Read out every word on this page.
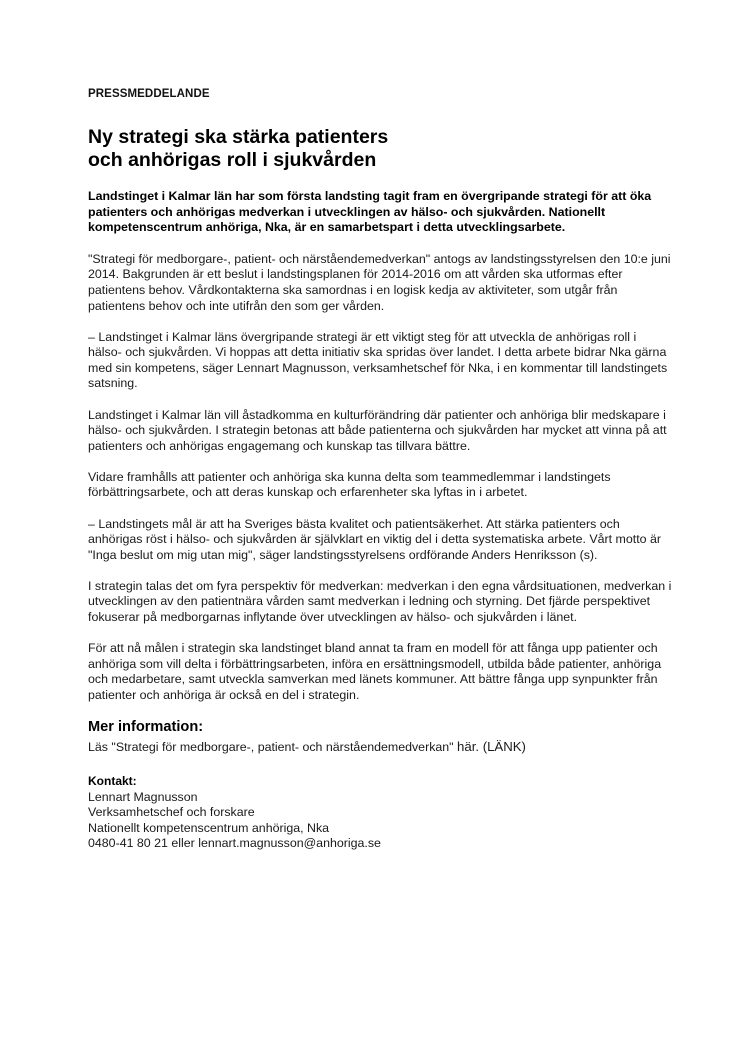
PRESSMEDDELANDE
Ny strategi ska stärka patienters
och anhörigas roll i sjukvården

Landstinget i Kalmar län har som första landsting tagit fram en övergripande strategi för att öka patienters och anhörigas medverkan i utvecklingen av hälso- och sjukvården. Nationellt kompetenscentrum anhöriga, Nka, är en samarbetspart i detta utvecklingsarbete.

"Strategi för medborgare-, patient- och närståendemedverkan" antogs av landstingsstyrelsen den 10:e juni 2014. Bakgrunden är ett beslut i landstingsplanen för 2014-2016 om att vården ska utformas efter patientens behov. Vårdkontakterna ska samordnas i en logisk kedja av aktiviteter, som utgår från patientens behov och inte utifrån den som ger vården.

– Landstinget i Kalmar läns övergripande strategi är ett viktigt steg för att utveckla de anhörigas roll i hälso- och sjukvården. Vi hoppas att detta initiativ ska spridas över landet. I detta arbete bidrar Nka gärna med sin kompetens, säger Lennart Magnusson, verksamhetschef för Nka, i en kommentar till landstingets satsning.

Landstinget i Kalmar län vill åstadkomma en kulturförändring där patienter och anhöriga blir medskapare i hälso- och sjukvården. I strategin betonas att både patienterna och sjukvården har mycket att vinna på att patienters och anhörigas engagemang och kunskap tas tillvara bättre.

Vidare framhålls att patienter och anhöriga ska kunna delta som teammedlemmar i landstingets förbättringsarbete, och att deras kunskap och erfarenheter ska lyftas in i arbetet.

– Landstingets mål är att ha Sveriges bästa kvalitet och patientsäkerhet. Att stärka patienters och anhörigas röst i hälso- och sjukvården är självklart en viktig del i detta systematiska arbete. Vårt motto är "Inga beslut om mig utan mig", säger landstingsstyrelsens ordförande Anders Henriksson (s).

I strategin talas det om fyra perspektiv för medverkan: medverkan i den egna vårdsituationen, medverkan i utvecklingen av den patientnära vården samt medverkan i ledning och styrning. Det fjärde perspektivet fokuserar på medborgarnas inflytande över utvecklingen av hälso- och sjukvården i länet.

För att nå målen i strategin ska landstinget bland annat ta fram en modell för att fånga upp patienter och anhöriga som vill delta i förbättringsarbeten, införa en ersättningsmodell, utbilda både patienter, anhöriga och medarbetare, samt utveckla samverkan med länets kommuner. Att bättre fånga upp synpunkter från patienter och anhöriga är också en del i strategin.

Mer information:
Läs "Strategi för medborgare-, patient- och närståendemedverkan" här. (LÄNK)
Kontakt:
Lennart Magnusson
Verksamhetschef och forskare
Nationellt kompetenscentrum anhöriga, Nka
0480-41 80 21 eller lennart.magnusson@anhoriga.se
